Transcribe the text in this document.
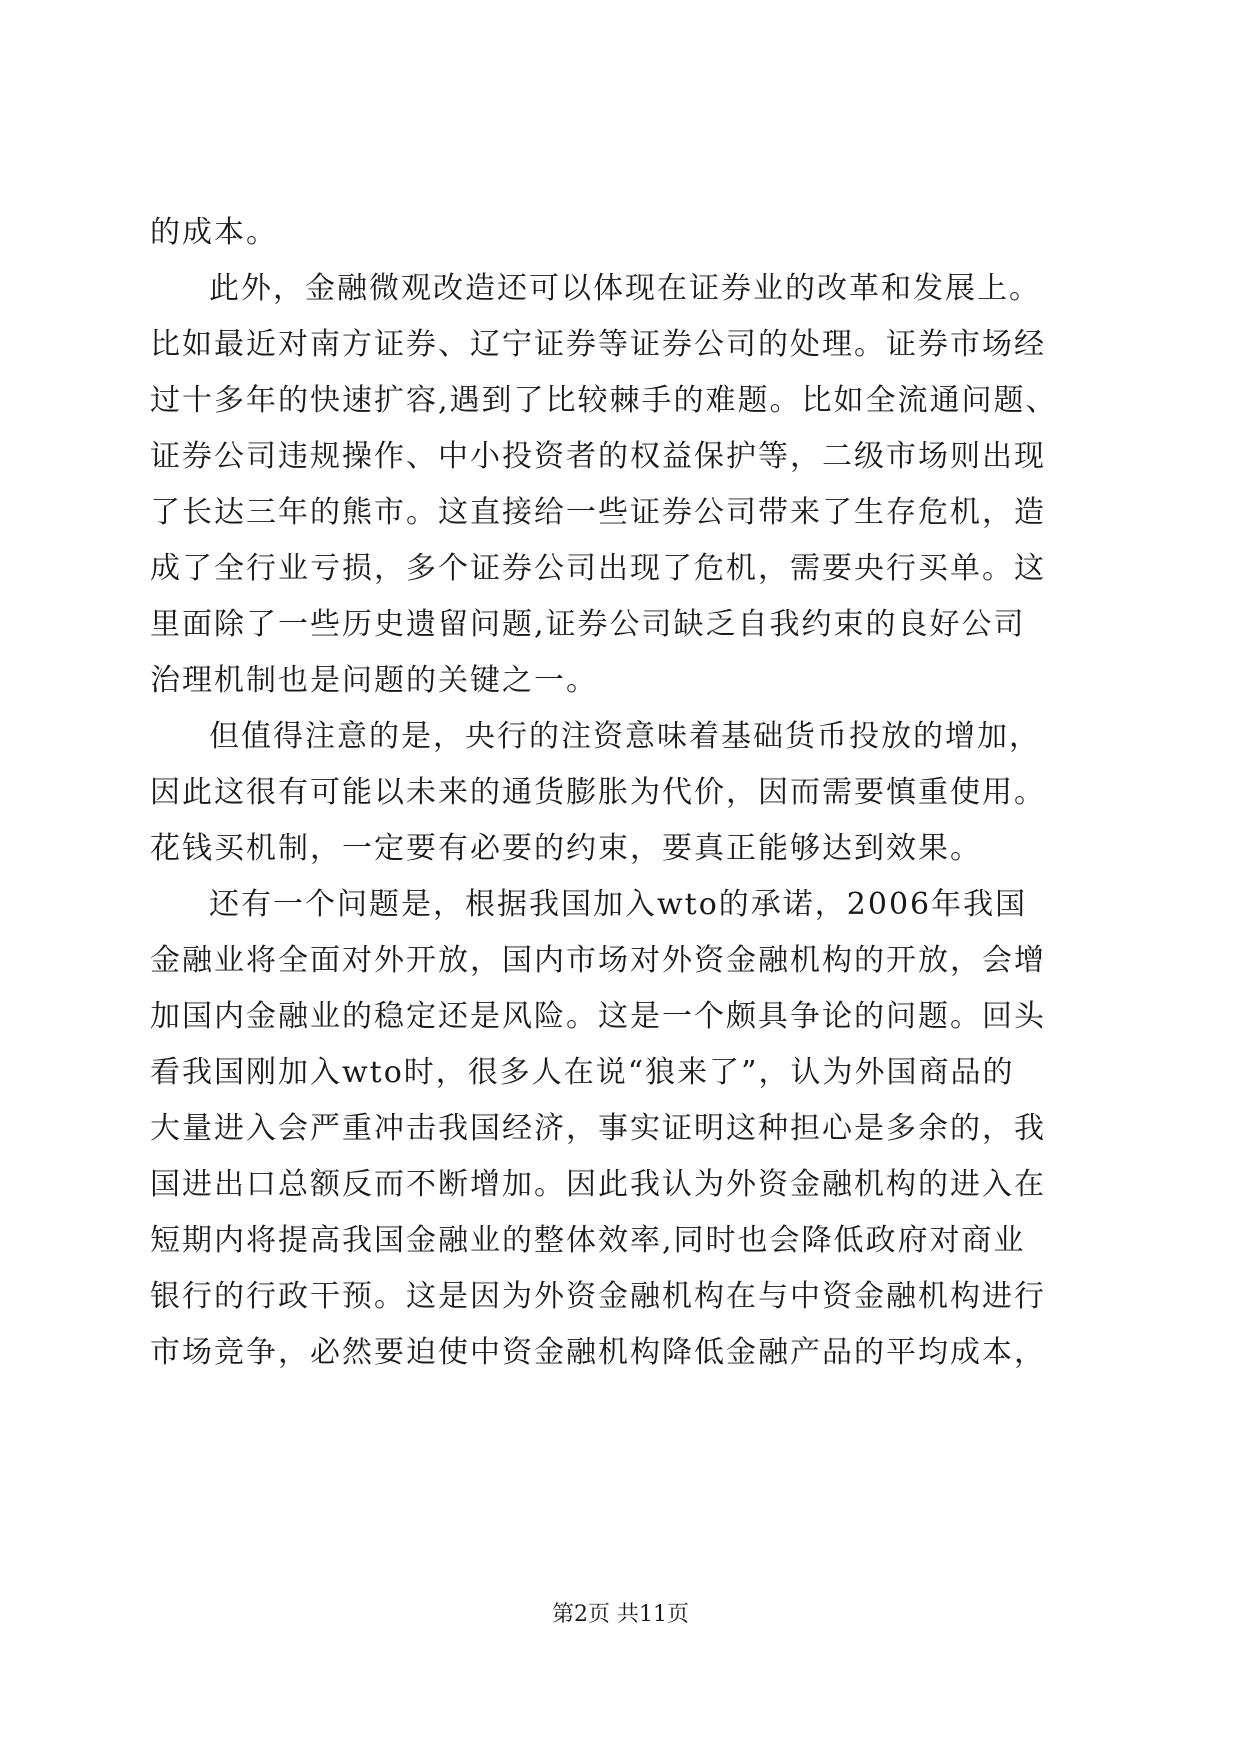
的成本。
此外，金融微观改造还可以体现在证券业的改革和发展上。
比如最近对南方证券、辽宁证券等证券公司的处理。证券市场经
过十多年的快速扩容,遇到了比较棘手的难题。比如全流通问题、
证券公司违规操作、中小投资者的权益保护等，二级市场则出现
了长达三年的熊市。这直接给一些证券公司带来了生存危机，造
成了全行业亏损，多个证券公司出现了危机，需要央行买单。这
里面除了一些历史遗留问题,证券公司缺乏自我约束的良好公司
治理机制也是问题的关键之一。
但值得注意的是，央行的注资意味着基础货币投放的增加，
因此这很有可能以未来的通货膨胀为代价，因而需要慎重使用。
花钱买机制，一定要有必要的约束，要真正能够达到效果。
还有一个问题是，根据我国加入wto的承诺，2006年我国
金融业将全面对外开放，国内市场对外资金融机构的开放，会增
加国内金融业的稳定还是风险。这是一个颇具争论的问题。回头
看我国刚加入wto时，很多人在说“狼来了”，认为外国商品的
大量进入会严重冲击我国经济，事实证明这种担心是多余的，我
国进出口总额反而不断增加。因此我认为外资金融机构的进入在
短期内将提高我国金融业的整体效率,同时也会降低政府对商业
银行的行政干预。这是因为外资金融机构在与中资金融机构进行
市场竞争，必然要迫使中资金融机构降低金融产品的平均成本，
第2页 共11页
